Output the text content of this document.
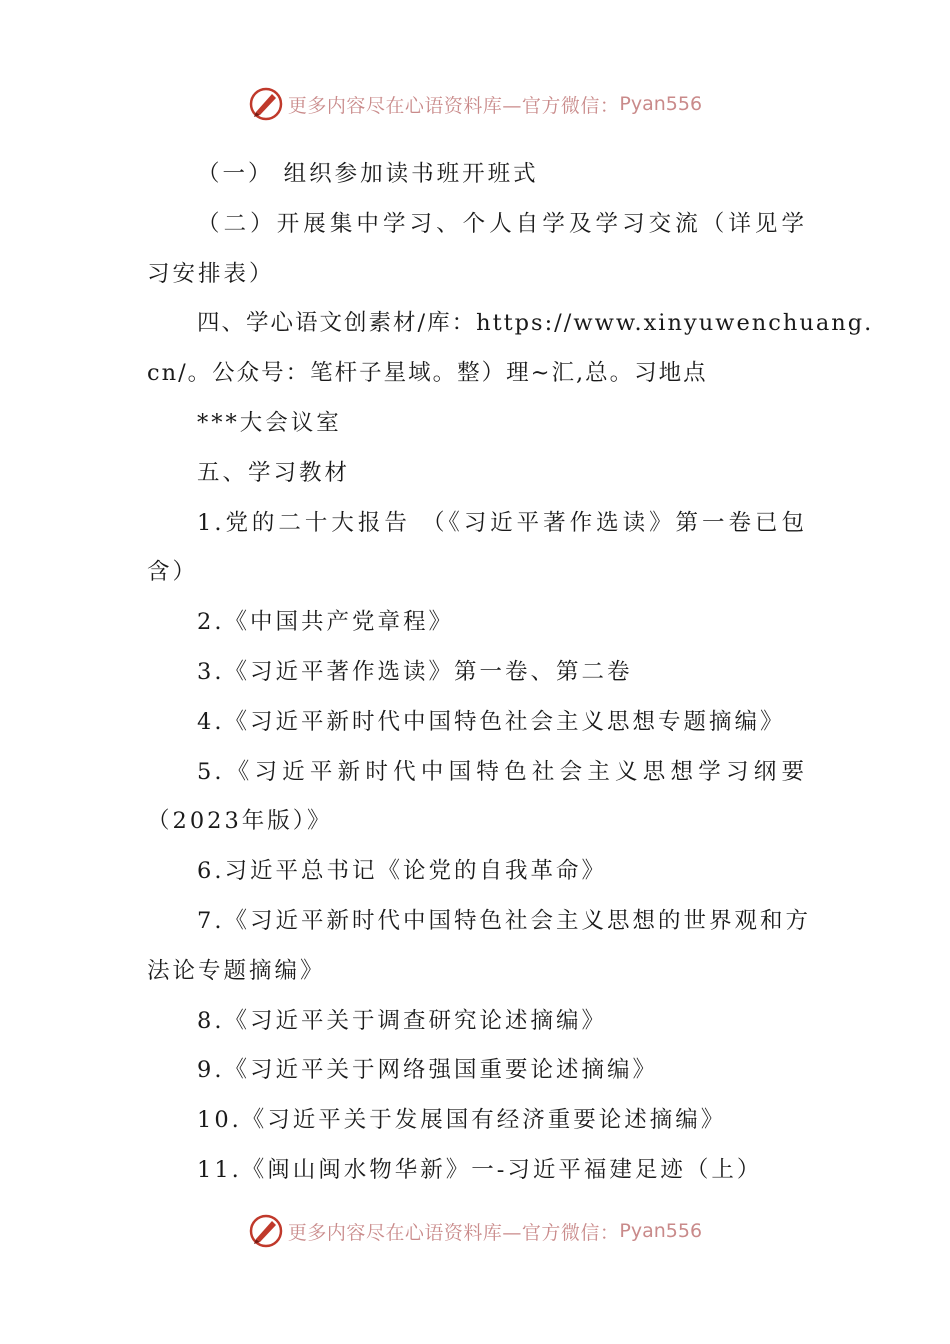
更多内容尽在心语资料库—官方微信： Pyan556
（一） 组织参加读书班开班式
（二）开展集中学习、个人自学及学习交流（详见学
习安排表）
四、学心语文创素材/库：https://www.xinyuwenchuang.
cn/。公众号：笔杆子星域。整）理~汇,总。习地点
***大会议室
五、学习教材
1.党的二十大报告 （《习近平著作选读》第一卷已包
含）
2.《中国共产党章程》
3.《习近平著作选读》第一卷、第二卷
4.《习近平新时代中国特色社会主义思想专题摘编》
5.《习近平新时代中国特色社会主义思想学习纲要
（2023年版）》
6.习近平总书记《论党的自我革命》
7.《习近平新时代中国特色社会主义思想的世界观和方
法论专题摘编》
8.《习近平关于调查研究论述摘编》
9.《习近平关于网络强国重要论述摘编》
10.《习近平关于发展国有经济重要论述摘编》
11.《闽山闽水物华新》一-习近平福建足迹（上）
更多内容尽在心语资料库—官方微信： Pyan556
